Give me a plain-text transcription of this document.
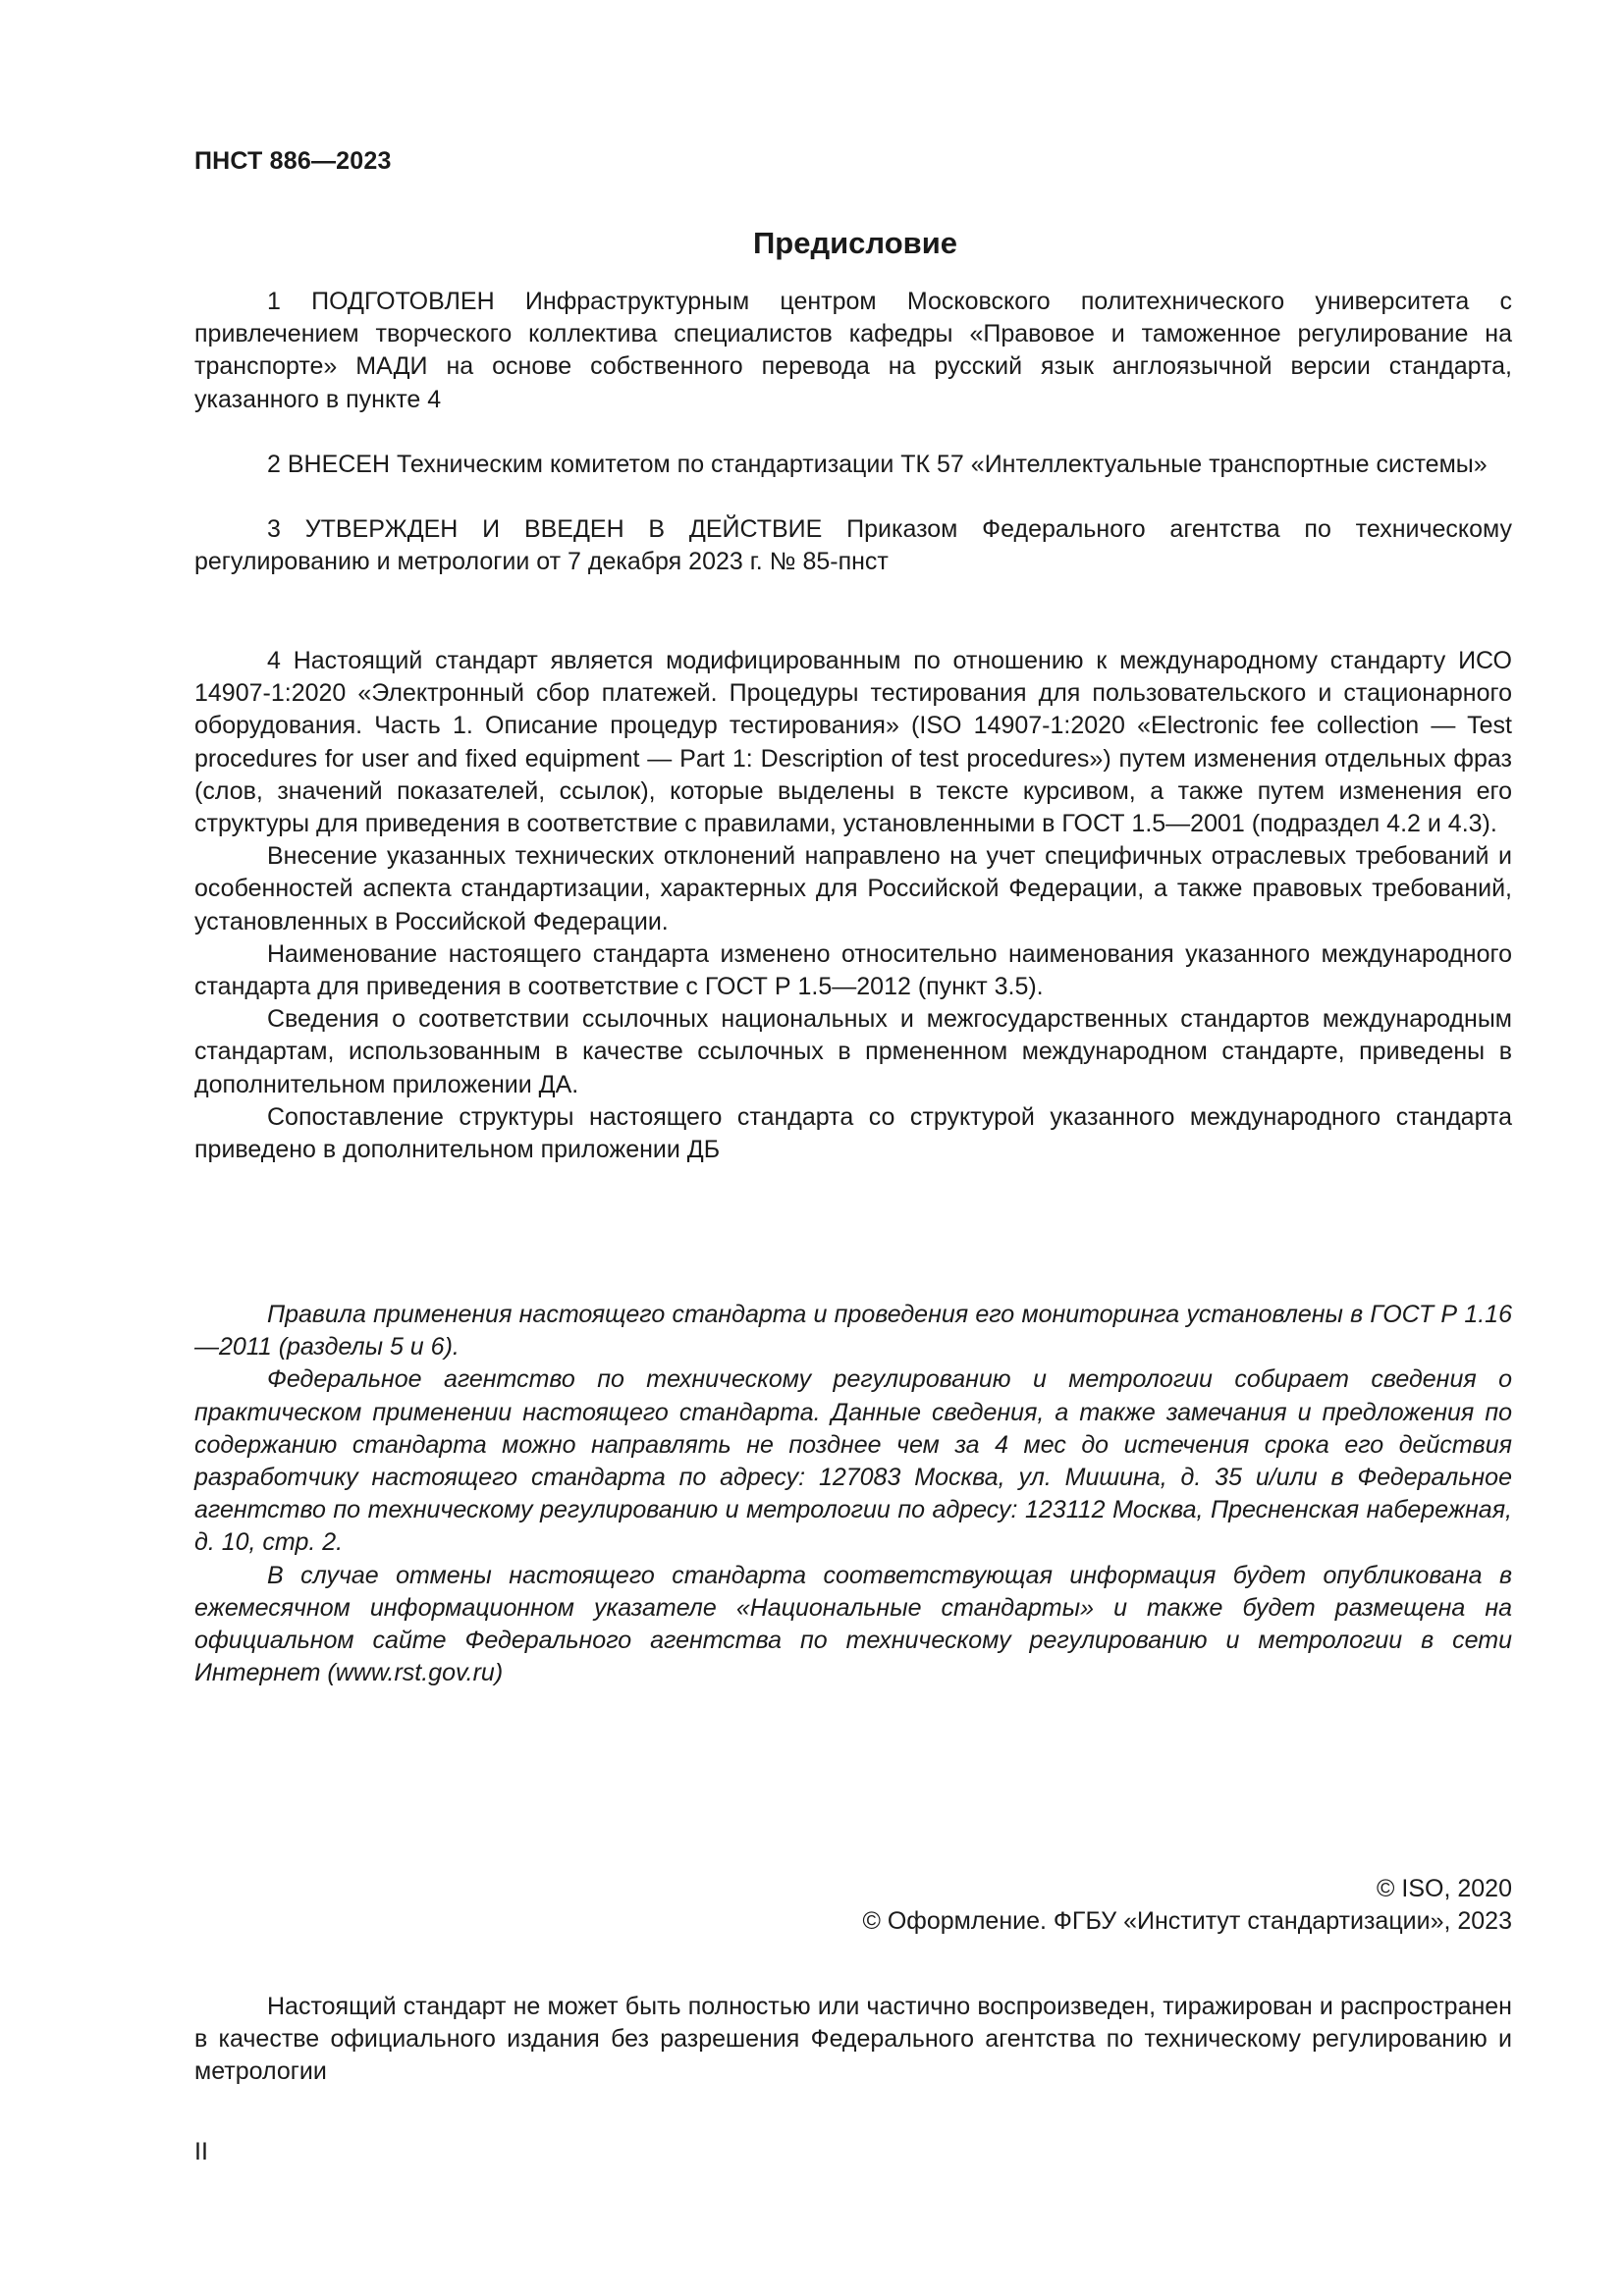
ПНСТ 886—2023
Предисловие

1 ПОДГОТОВЛЕН Инфраструктурным центром Московского политехнического университета с привлечением творческого коллектива специалистов кафедры «Правовое и таможенное регулирование на транспорте» МАДИ на основе собственного перевода на русский язык англоязычной версии стандарта, указанного в пункте 4

2 ВНЕСЕН Техническим комитетом по стандартизации ТК 57 «Интеллектуальные транспортные системы»

3 УТВЕРЖДЕН И ВВЕДЕН В ДЕЙСТВИЕ Приказом Федерального агентства по техническому регулированию и метрологии от 7 декабря 2023 г. № 85-пнст

4 Настоящий стандарт является модифицированным по отношению к международному стандарту ИСО 14907-1:2020 «Электронный сбор платежей. Процедуры тестирования для пользовательского и стационарного оборудования. Часть 1. Описание процедур тестирования» (ISO 14907-1:2020 «Electronic fee collection — Test procedures for user and fixed equipment — Part 1: Description of test procedures») путем изменения отдельных фраз (слов, значений показателей, ссылок), которые выделены в тексте курсивом, а также путем изменения его структуры для приведения в соответствие с правилами, установленными в ГОСТ 1.5—2001 (подраздел 4.2 и 4.3).

Внесение указанных технических отклонений направлено на учет специфичных отраслевых требований и особенностей аспекта стандартизации, характерных для Российской Федерации, а также правовых требований, установленных в Российской Федерации.

Наименование настоящего стандарта изменено относительно наименования указанного международного стандарта для приведения в соответствие с ГОСТ Р 1.5—2012 (пункт 3.5).

Сведения о соответствии ссылочных национальных и межгосударственных стандартов международным стандартам, использованным в качестве ссылочных в прмененном международном стандарте, приведены в дополнительном приложении ДА.

Сопоставление структуры настоящего стандарта со структурой указанного международного стандарта приведено в дополнительном приложении ДБ

Правила применения настоящего стандарта и проведения его мониторинга установлены в ГОСТ Р 1.16—2011 (разделы 5 и 6).

Федеральное агентство по техническому регулированию и метрологии собирает сведения о практическом применении настоящего стандарта. Данные сведения, а также замечания и предложения по содержанию стандарта можно направлять не позднее чем за 4 мес до истечения срока его действия разработчику настоящего стандарта по адресу: 127083 Москва, ул. Мишина, д. 35 и/или в Федеральное агентство по техническому регулированию и метрологии по адресу: 123112 Москва, Пресненская набережная, д. 10, стр. 2.

В случае отмены настоящего стандарта соответствующая информация будет опубликована в ежемесячном информационном указателе «Национальные стандарты» и также будет размещена на официальном сайте Федерального агентства по техническому регулированию и метрологии в сети Интернет (www.rst.gov.ru)

© ISO, 2020
© Оформление. ФГБУ «Институт стандартизации», 2023

Настоящий стандарт не может быть полностью или частично воспроизведен, тиражирован и распространен в качестве официального издания без разрешения Федерального агентства по техническому регулированию и метрологии

II
